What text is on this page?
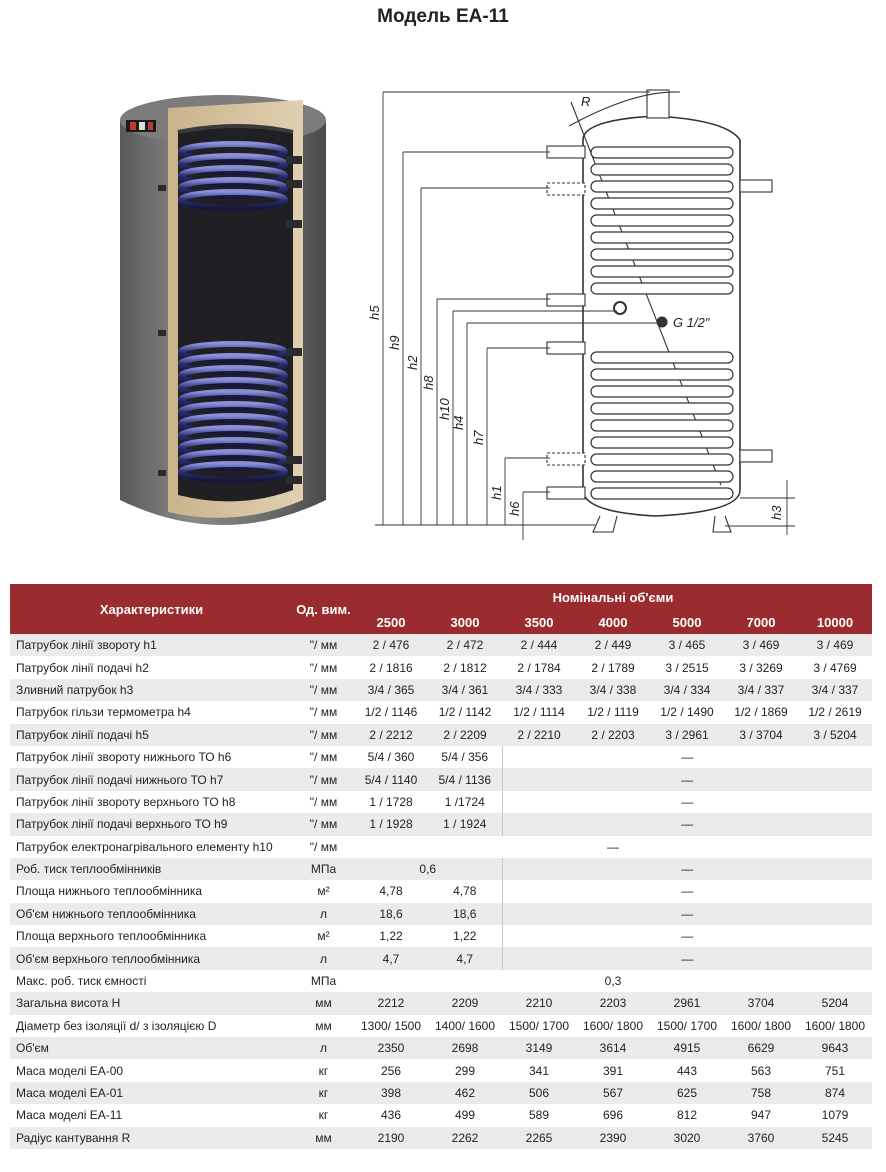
Модель EA-11
h5
h9
h2
h8
h10
h4
h7
h1
h6	h3
R
G 1/2"
Характеристики	Од. вим.	Номінальні об'єми						
		2500	3000	3500	4000	5000	7000	10000
Патрубок лінії звороту h1	"/ мм	2 / 476	2 / 472	2 / 444	2 / 449	3 / 465	3 / 469	3 / 469
Патрубок лінії подачі h2	"/ мм	2 / 1816	2 / 1812	2 / 1784	2 / 1789	3 / 2515	3 / 3269	3 / 4769
Зливний патрубок h3	"/ мм	3/4 / 365	3/4 / 361	3/4 / 333	3/4 / 338	3/4 / 334	3/4 / 337	3/4 / 337
Патрубок гільзи термометра h4	"/ мм	1/2 / 1146	1/2 / 1142	1/2 / 1114	1/2 / 1119	1/2 / 1490	1/2 / 1869	1/2 / 2619
Патрубок лінії подачі h5	"/ мм	2 / 2212	2 / 2209	2 / 2210	2 / 2203	3 / 2961	3 / 3704	3 / 5204
Патрубок лінії звороту нижнього ТО h6	"/ мм	5/4 / 360	5/4 / 356	—				
Патрубок лінії подачі нижнього ТО h7	"/ мм	5/4 / 1140	5/4 / 1136	—				
Патрубок лінії звороту верхнього ТО h8	"/ мм	1 / 1728	1 /1724	—				
Патрубок лінії подачі верхнього ТО h9	"/ мм	1 / 1928	1 / 1924	—				
Патрубок електронагрівального елементу h10	"/ мм	—						
Роб. тиск теплообмінників	МПа	0,6		—				
Площа нижнього теплообмінника	м²	4,78	4,78	—				
Об'єм нижнього теплообмінника	л	18,6	18,6	—				
Площа верхнього теплообмінника	м²	1,22	1,22	—				
Об'єм верхнього теплообмінника	л	4,7	4,7	—				
Макс. роб. тиск ємності	МПа	0,3						
Загальна висота H	мм	2212	2209	2210	2203	2961	3704	5204
Діаметр без ізоляції d/ з ізоляцією D	мм	1300/ 1500	1400/ 1600	1500/ 1700	1600/ 1800	1500/ 1700	1600/ 1800	1600/ 1800
Об'єм	л	2350	2698	3149	3614	4915	6629	9643
Маса моделі EA-00	кг	256	299	341	391	443	563	751
Маса моделі EA-01	кг	398	462	506	567	625	758	874
Маса моделі EA-11	кг	436	499	589	696	812	947	1079
Радіус кантування R	мм	2190	2262	2265	2390	3020	3760	5245
